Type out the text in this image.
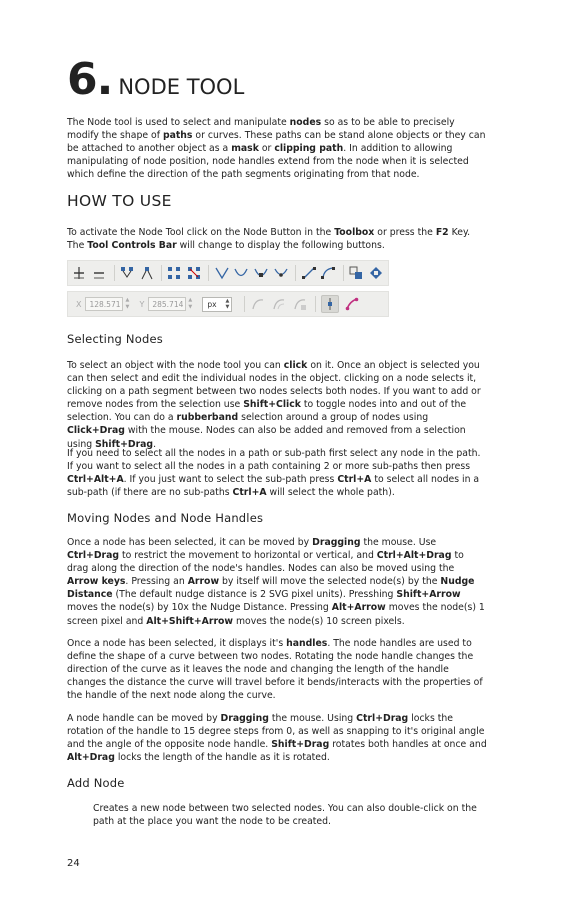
6. NODE TOOL

The Node tool is used to select and manipulate nodes so as to be able to precisely modify the shape of paths or curves. These paths can be stand alone objects or they can be attached to another object as a mask or clipping path. In addition to allowing manipulating of node position, node handles extend from the node when it is selected which define the direction of the path segments originating from that node.

HOW TO USE

To activate the Node Tool click on the Node Button in the Toolbox or press the F2 Key. The Tool Controls Bar will change to display the following buttons.

X	128.571	▲
▼ Y	285.714	▲
▼ px ▲
▼
Selecting Nodes

To select an object with the node tool you can click on it. Once an object is selected you can then select and edit the individual nodes in the object. clicking on a node selects it, clicking on a path segment between two nodes selects both nodes. If you want to add or remove nodes from the selection use Shift+Click to toggle nodes into and out of the selection. You can do a rubberband selection around a group of nodes using Click+Drag with the mouse. Nodes can also be added and removed from a selection using Shift+Drag.

If you need to select all the nodes in a path or sub-path first select any node in the path. If you want to select all the nodes in a path containing 2 or more sub-paths then press Ctrl+Alt+A. If you just want to select the sub-path press Ctrl+A to select all nodes in a sub-path (if there are no sub-paths Ctrl+A will select the whole path).

Moving Nodes and Node Handles

Once a node has been selected, it can be moved by Dragging the mouse. Use Ctrl+Drag to restrict the movement to horizontal or vertical, and Ctrl+Alt+Drag to drag along the direction of the node's handles. Nodes can also be moved using the Arrow keys. Pressing an Arrow by itself will move the selected node(s) by the Nudge Distance (The default nudge distance is 2 SVG pixel units). Presshing Shift+Arrow moves the node(s) by 10x the Nudge Distance. Pressing Alt+Arrow moves the node(s) 1 screen pixel and Alt+Shift+Arrow moves the node(s) 10 screen pixels.

Once a node has been selected, it displays it's handles. The node handles are used to define the shape of a curve between two nodes. Rotating the node handle changes the direction of the curve as it leaves the node and changing the length of the handle changes the distance the curve will travel before it bends/interacts with the properties of the handle of the next node along the curve.

A node handle can be moved by Dragging the mouse. Using Ctrl+Drag locks the rotation of the handle to 15 degree steps from 0, as well as snapping to it's original angle and the angle of the opposite node handle. Shift+Drag rotates both handles at once and Alt+Drag locks the length of the handle as it is rotated.

Add Node

Creates a new node between two selected nodes. You can also double-click on the path at the place you want the node to be created.

24
